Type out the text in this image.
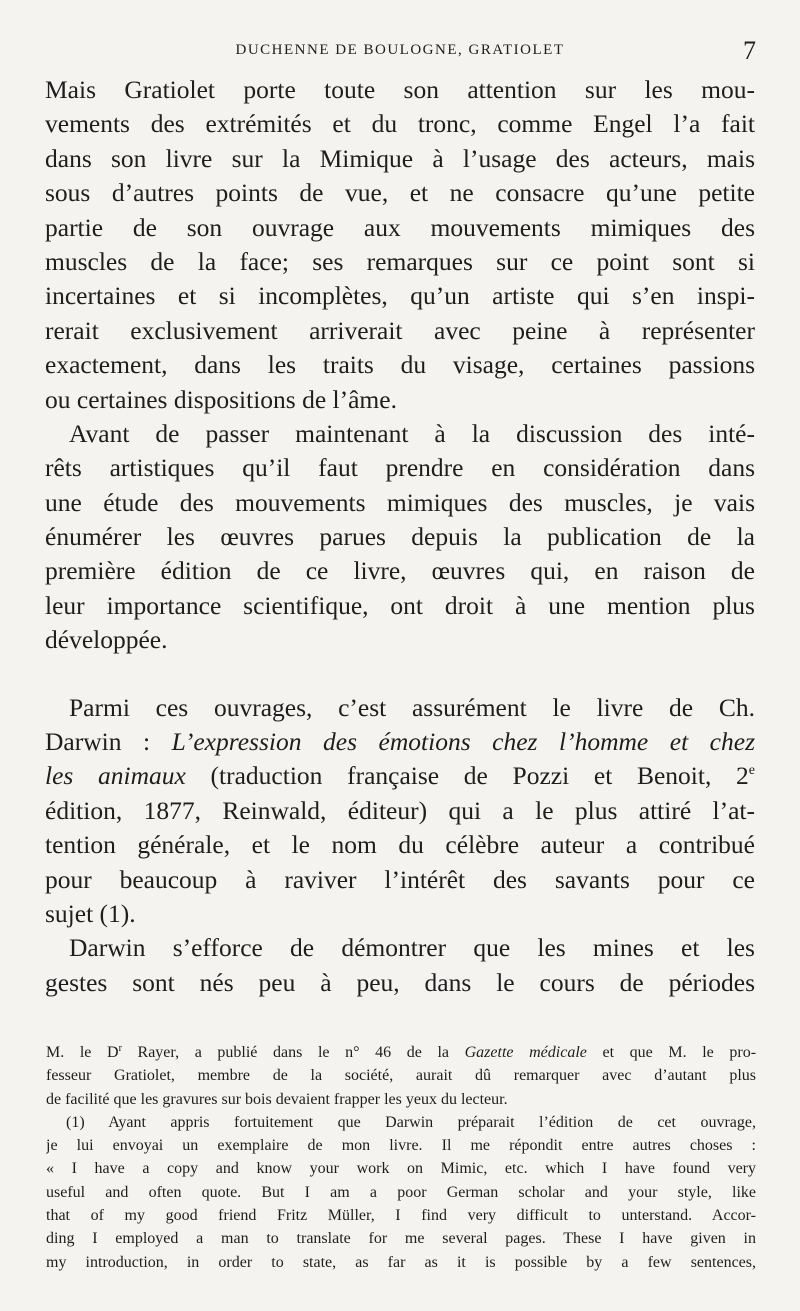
DUCHENNE DE BOULOGNE, GRATIOLET	7
Mais Gratiolet porte toute son attention sur les mou-
vements des extrémités et du tronc, comme Engel l’a fait
dans son livre sur la Mimique à l’usage des acteurs, mais
sous d’autres points de vue, et ne consacre qu’une petite
partie de son ouvrage aux mouvements mimiques des
muscles de la face; ses remarques sur ce point sont si
incertaines et si incomplètes, qu’un artiste qui s’en inspi-
rerait exclusivement arriverait avec peine à représenter
exactement, dans les traits du visage, certaines passions
ou certaines dispositions de l’âme.
Avant de passer maintenant à la discussion des inté-
rêts artistiques qu’il faut prendre en considération dans
une étude des mouvements mimiques des muscles, je vais
énumérer les œuvres parues depuis la publication de la
première édition de ce livre, œuvres qui, en raison de
leur importance scientifique, ont droit à une mention plus
développée.
Parmi ces ouvrages, c’est assurément le livre de Ch.
Darwin : L’expression des émotions chez l’homme et chez
les animaux (traduction française de Pozzi et Benoit, 2e
édition, 1877, Reinwald, éditeur) qui a le plus attiré l’at-
tention générale, et le nom du célèbre auteur a contribué
pour beaucoup à raviver l’intérêt des savants pour ce
sujet (1).
Darwin s’efforce de démontrer que les mines et les
gestes sont nés peu à peu, dans le cours de périodes
M. le $D^r$ Rayer, a publié dans le n° 46 de la Gazette médicale et que M. le pro-
fesseur Gratiolet, membre de la société, aurait dû remarquer avec d’autant plus
de facilité que les gravures sur bois devaient frapper les yeux du lecteur.
(1) Ayant appris fortuitement que Darwin préparait l’édition de cet ouvrage,
je lui envoyai un exemplaire de mon livre. Il me répondit entre autres choses :
« I have a copy and know your work on Mimic, etc. which I have found very
useful and often quote. But I am a poor German scholar and your style, like
that of my good friend Fritz Müller, I find very difficult to unterstand. Accor-
ding I employed a man to translate for me several pages. These I have given in
my introduction, in order to state, as far as it is possible by a few sentences,
